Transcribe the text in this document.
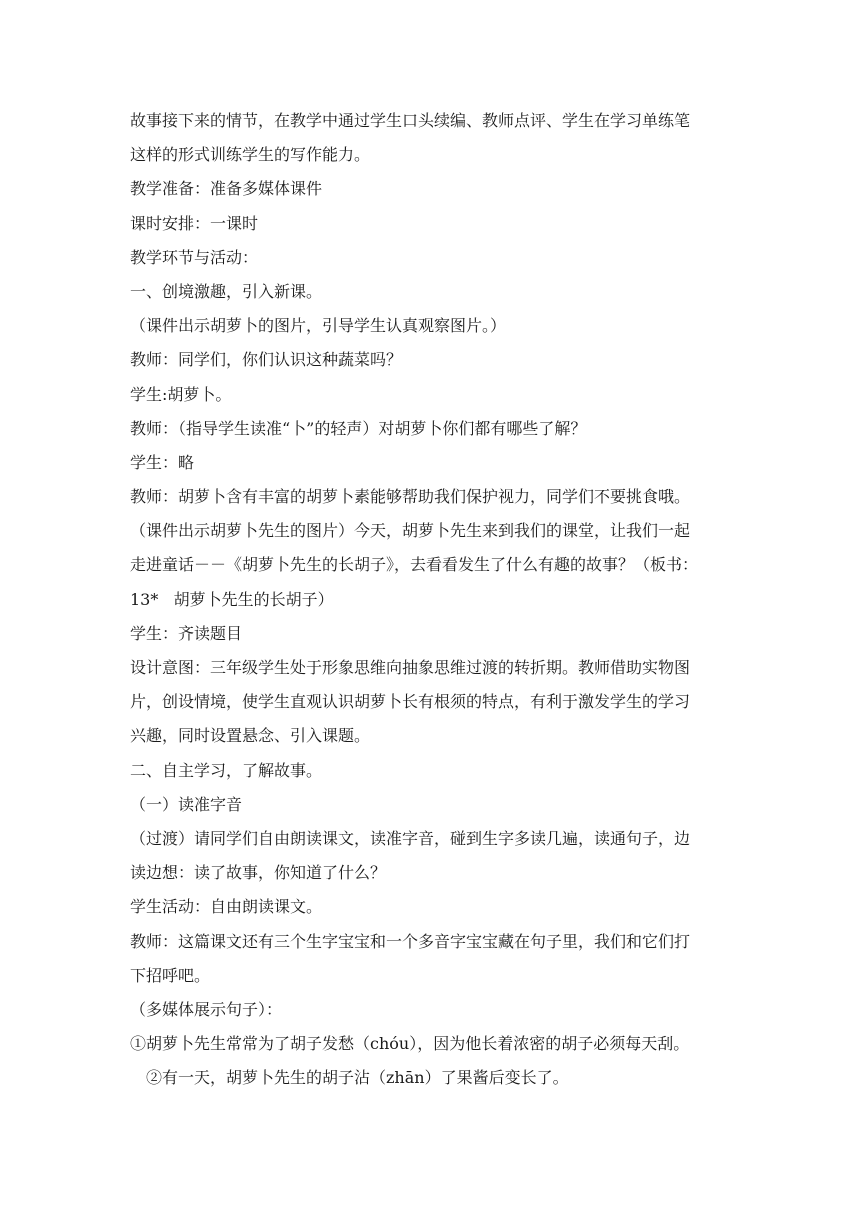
故事接下来的情节，在教学中通过学生口头续编、教师点评、学生在学习单练笔
这样的形式训练学生的写作能力。
教学准备：准备多媒体课件
课时安排：一课时
教学环节与活动：
一、创境激趣，引入新课。
（课件出示胡萝卜的图片，引导学生认真观察图片。）
教师：同学们，你们认识这种蔬菜吗？
学生:胡萝卜。
教师：（指导学生读准“卜”的轻声）对胡萝卜你们都有哪些了解？
学生：略
教师：胡萝卜含有丰富的胡萝卜素能够帮助我们保护视力，同学们不要挑食哦。
（课件出示胡萝卜先生的图片）今天，胡萝卜先生来到我们的课堂，让我们一起
走进童话－－《胡萝卜先生的长胡子》，去看看发生了什么有趣的故事？（板书：
13*   胡萝卜先生的长胡子）
学生：齐读题目
设计意图：三年级学生处于形象思维向抽象思维过渡的转折期。教师借助实物图
片，创设情境，使学生直观认识胡萝卜长有根须的特点，有利于激发学生的学习
兴趣，同时设置悬念、引入课题。
二、自主学习，了解故事。
（一）读准字音
（过渡）请同学们自由朗读课文，读准字音，碰到生字多读几遍，读通句子，边
读边想：读了故事，你知道了什么？
学生活动：自由朗读课文。
教师：这篇课文还有三个生字宝宝和一个多音字宝宝藏在句子里，我们和它们打
下招呼吧。
（多媒体展示句子）：
①胡萝卜先生常常为了胡子发愁（chóu），因为他长着浓密的胡子必须每天刮。
②有一天，胡萝卜先生的胡子沾（zhān）了果酱后变长了。
